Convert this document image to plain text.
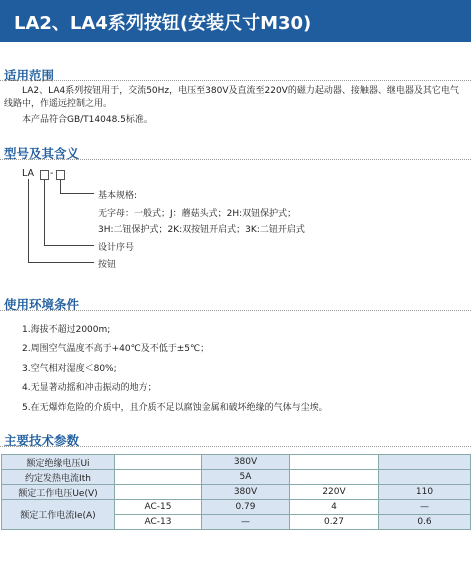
LA2、LA4系列按钮(安装尺寸M30)
适用范围
LA2、LA4系列按钮用于，交流50Hz，电压至380V及直流至220V的磁力起动器、接触器、继电器及其它电气线路中，作遥远控制之用。
本产品符合GB/T14048.5标准。
型号及其含义
LA -
基本规格:
无字母：一般式；J：蘑菇头式；2H:双钮保护式；
3H:二钮保护式；2K:双按钮开启式；3K:二钮开启式
设计序号
按钮
使用环境条件
1.海拔不超过2000m;
2.周围空气温度不高于+40℃及不低于±5℃；
3.空气相对湿度＜80%;
4.无显著动摇和冲击振动的地方；
5.在无爆炸危险的介质中，且介质不足以腐蚀金属和破坏绝缘的气体与尘埃。
主要技术参数
额定绝缘电压Ui		380V		
约定发热电流Ith		5A		
额定工作电压Ue(V)		380V	220V	110
额定工作电流Ie(A)	AC-15	0.79	4	—
	AC-13	—	0.27	0.6
